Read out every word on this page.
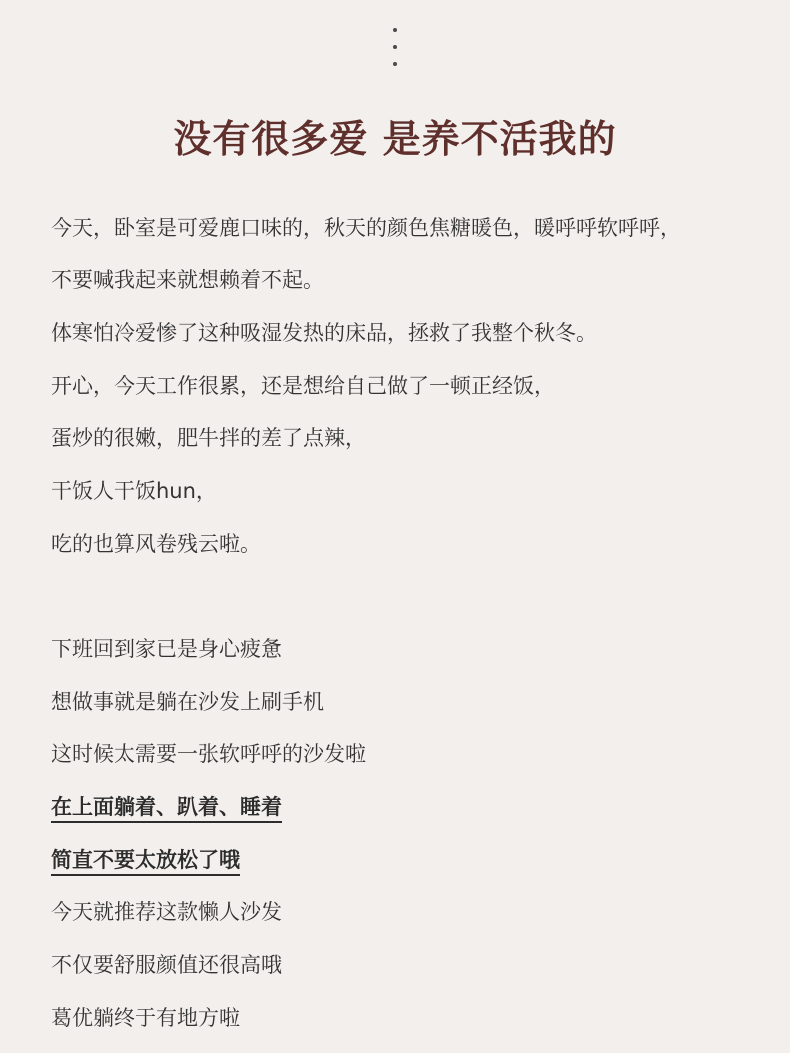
没有很多爱 是养不活我的

今天，卧室是可爱鹿口味的，秋天的颜色焦糖暖色，暖呼呼软呼呼，

不要喊我起来就想赖着不起。

体寒怕冷爱惨了这种吸湿发热的床品，拯救了我整个秋冬。

开心，今天工作很累，还是想给自己做了一顿正经饭，

蛋炒的很嫩，肥牛拌的差了点辣，

干饭人干饭hun，

吃的也算风卷残云啦。

下班回到家已是身心疲惫

想做事就是躺在沙发上刷手机

这时候太需要一张软呼呼的沙发啦

在上面躺着、趴着、睡着

简直不要太放松了哦

今天就推荐这款懒人沙发

不仅要舒服颜值还很高哦

葛优躺终于有地方啦
